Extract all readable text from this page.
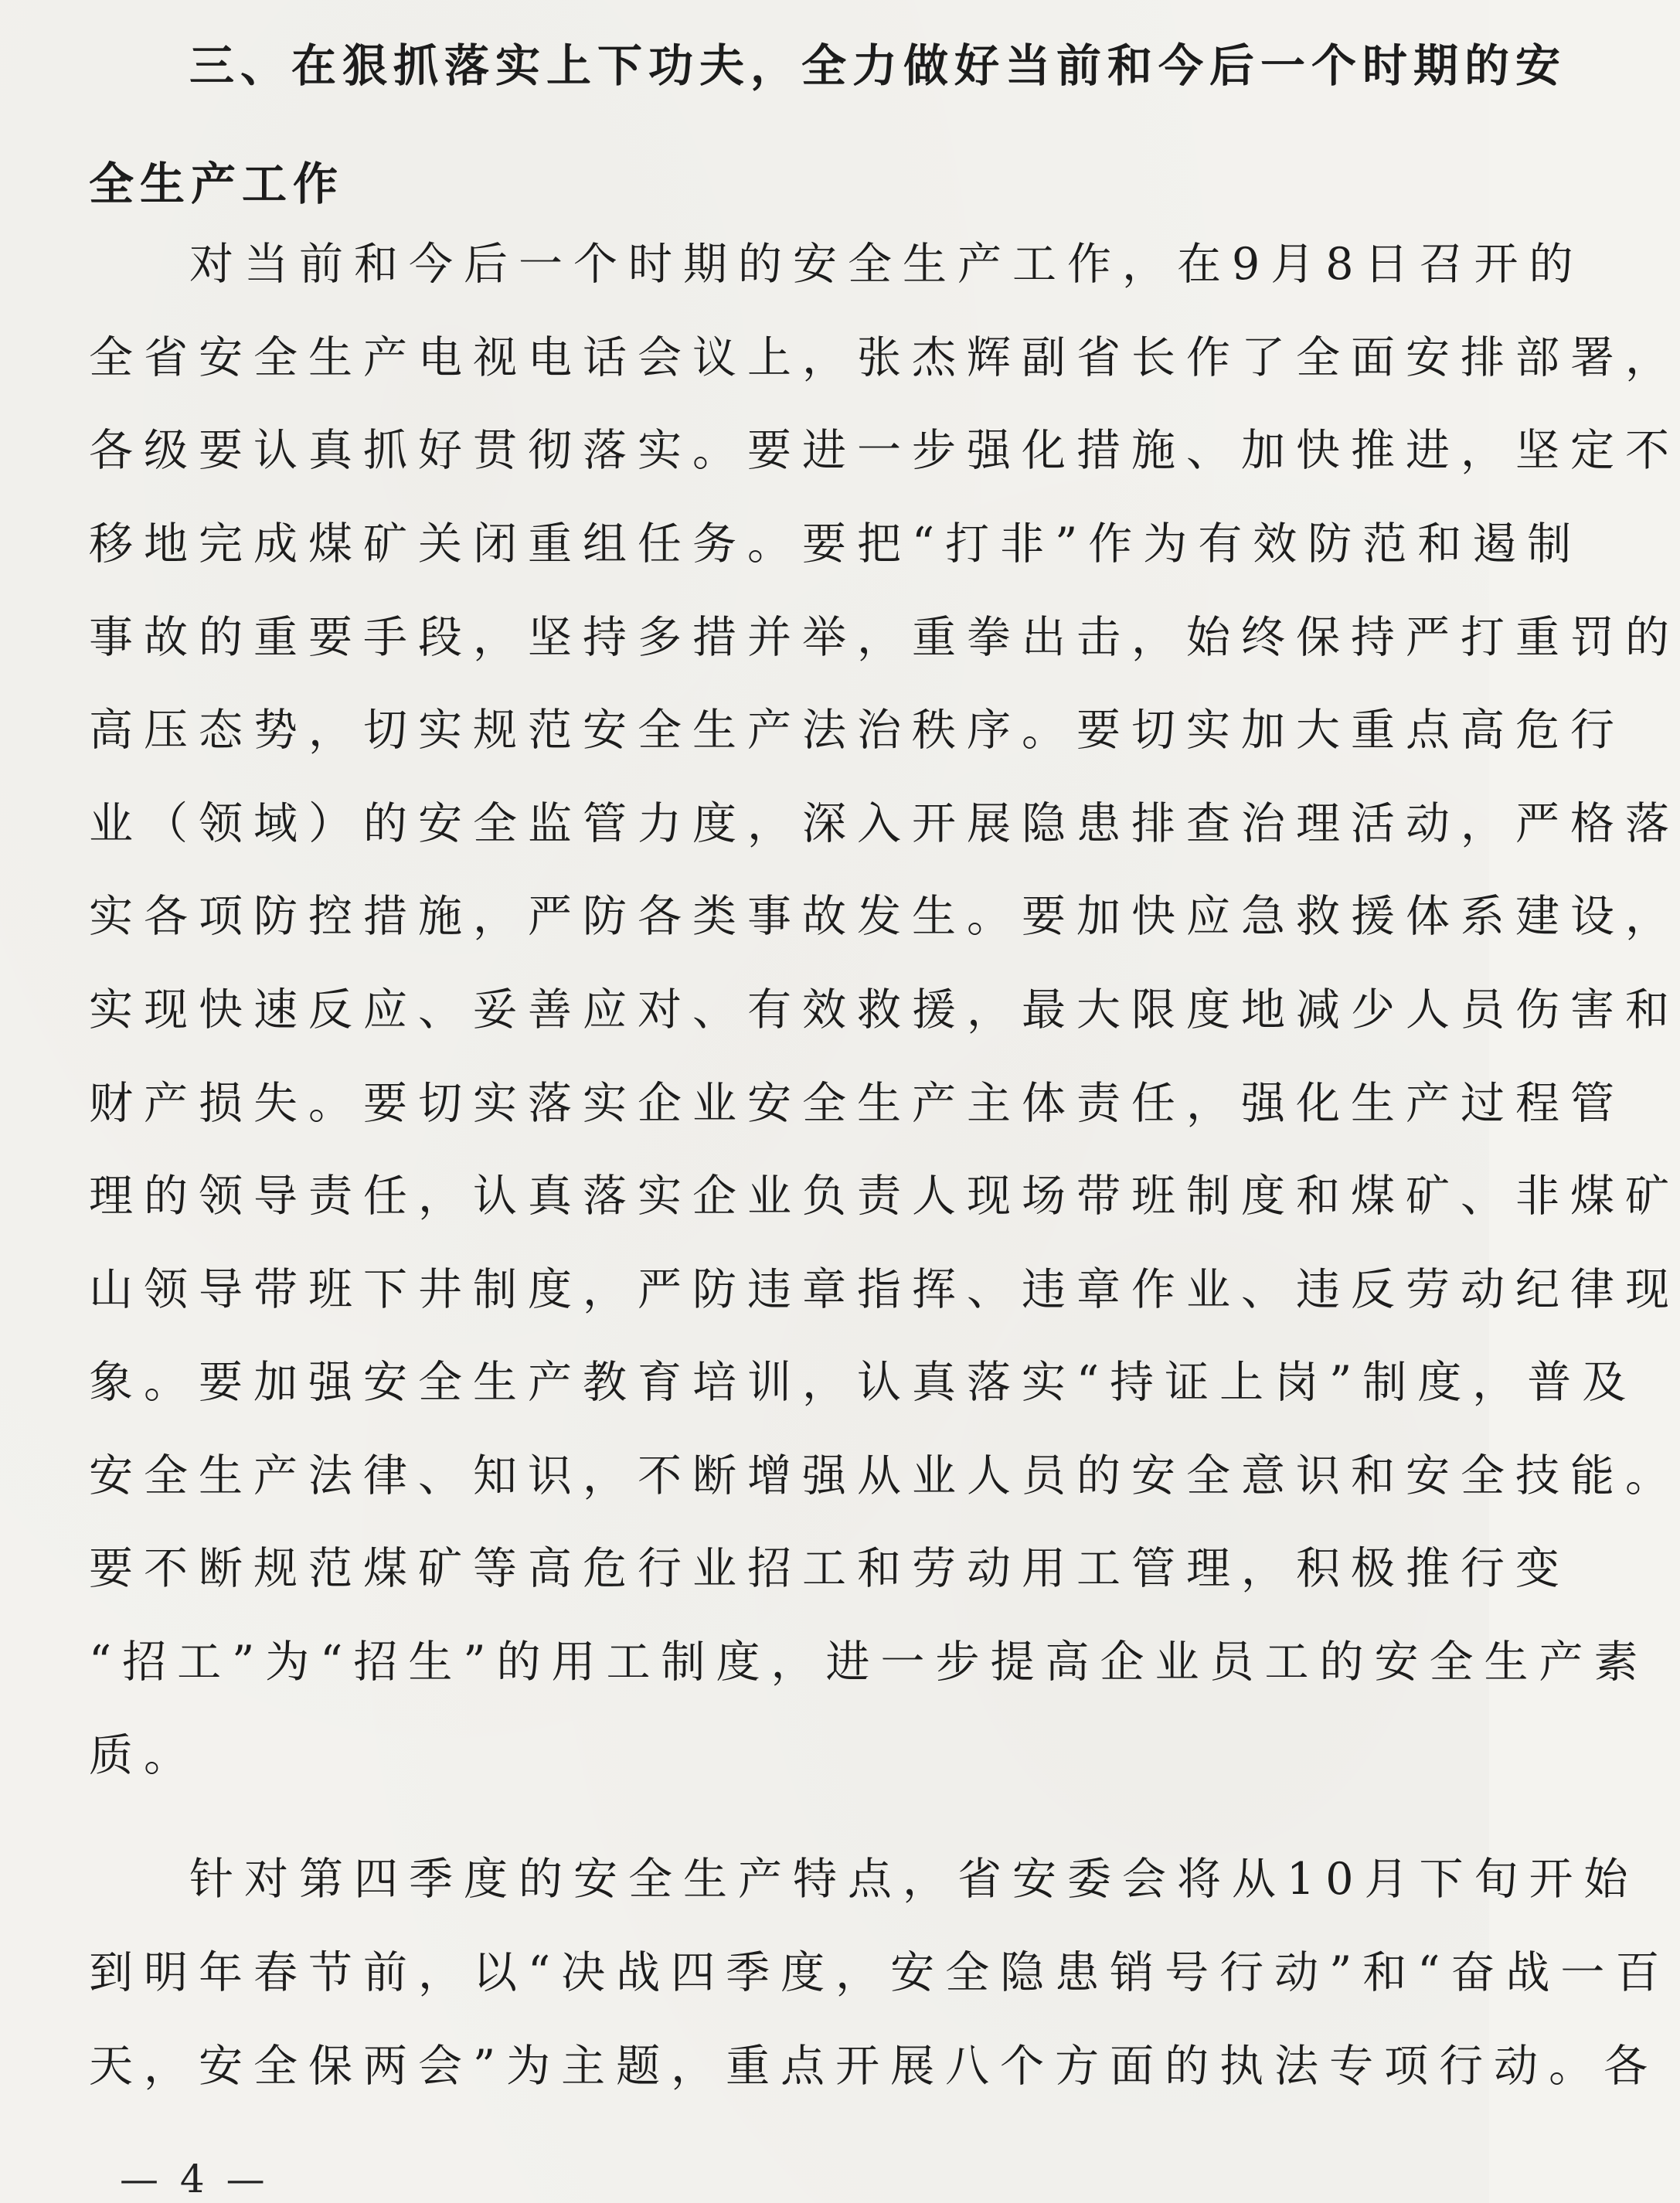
三、在狠抓落实上下功夫，全力做好当前和今后一个时期的安
全生产工作
对当前和今后一个时期的安全生产工作，在9月8日召开的
全省安全生产电视电话会议上，张杰辉副省长作了全面安排部署，
各级要认真抓好贯彻落实。要进一步强化措施、加快推进，坚定不
移地完成煤矿关闭重组任务。要把“打非”作为有效防范和遏制
事故的重要手段，坚持多措并举，重拳出击，始终保持严打重罚的
高压态势，切实规范安全生产法治秩序。要切实加大重点高危行
业（领域）的安全监管力度，深入开展隐患排查治理活动，严格落
实各项防控措施，严防各类事故发生。要加快应急救援体系建设，
实现快速反应、妥善应对、有效救援，最大限度地减少人员伤害和
财产损失。要切实落实企业安全生产主体责任，强化生产过程管
理的领导责任，认真落实企业负责人现场带班制度和煤矿、非煤矿
山领导带班下井制度，严防违章指挥、违章作业、违反劳动纪律现
象。要加强安全生产教育培训，认真落实“持证上岗”制度，普及
安全生产法律、知识，不断增强从业人员的安全意识和安全技能。
要不断规范煤矿等高危行业招工和劳动用工管理，积极推行变
“招工”为“招生”的用工制度，进一步提高企业员工的安全生产素
质。
针对第四季度的安全生产特点，省安委会将从10月下旬开始
到明年春节前，以“决战四季度，安全隐患销号行动”和“奋战一百
天，安全保两会”为主题，重点开展八个方面的执法专项行动。各
— 4 —
